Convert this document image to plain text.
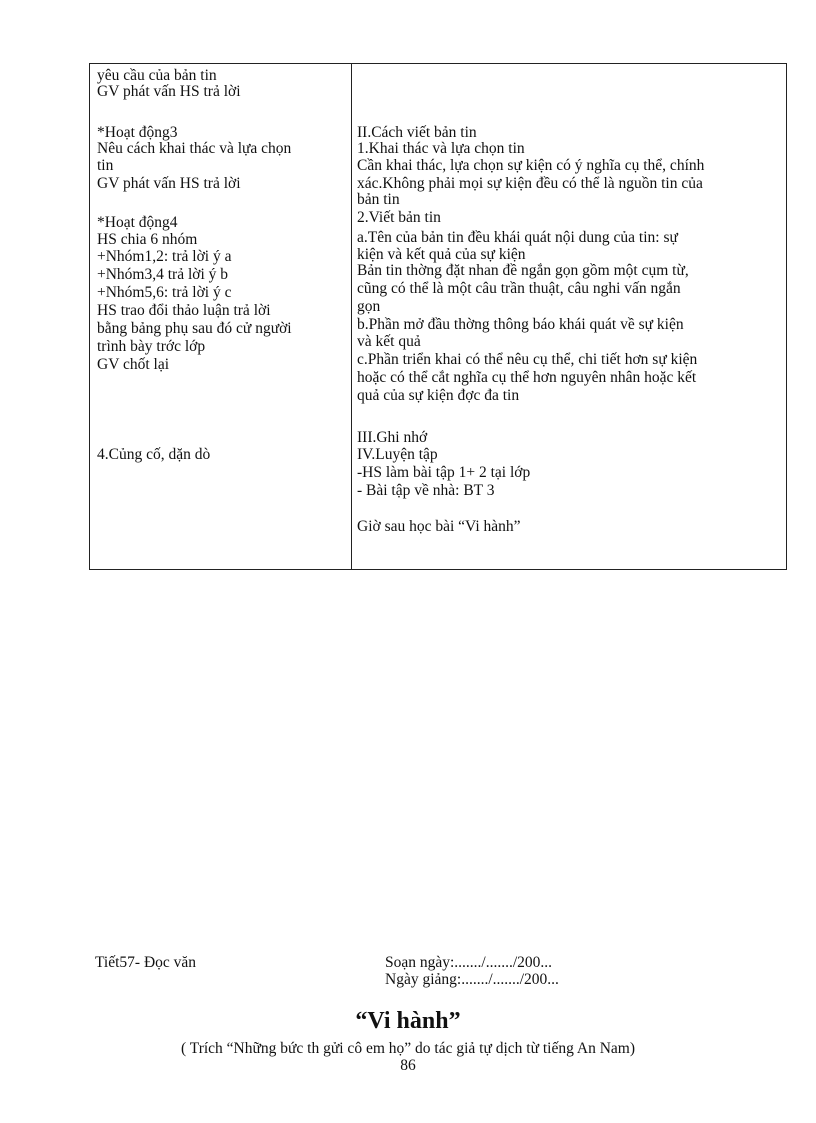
yêu cầu của bản tin
GV phát vấn HS trả lời
*Hoạt động3
Nêu cách khai thác và lựa chọn
tin
GV phát vấn HS trả lời
*Hoạt động4
HS chia 6 nhóm
+Nhóm1,2: trả lời ý a
+Nhóm3,4 trả lời ý b
+Nhóm5,6: trả lời ý c
HS trao đổi thảo luận trả lời
bằng bảng phụ sau đó cử người
trình bày trớc lớp
GV chốt lại
4.Củng cố, dặn dò
II.Cách viết bản tin
1.Khai thác và lựa chọn tin
Cần khai thác, lựa chọn sự kiện có ý nghĩa cụ thể, chính
xác.Không phải mọi sự kiện đều có thể là nguồn tin của
bản tin
2.Viết bản tin
a.Tên của bản tin đều khái quát nội dung của tin: sự
kiện và kết quả của sự kiện
Bản tin thờng đặt nhan đề ngắn gọn gồm một cụm từ,
cũng có thể là một câu trần thuật, câu nghi vấn ngắn
gọn
b.Phần mở đầu thờng thông báo khái quát về sự kiện
và kết quả
c.Phần triển khai có thể nêu cụ thể, chi tiết hơn sự kiện
hoặc có thể cắt nghĩa cụ thể hơn nguyên nhân hoặc kết
quả của sự kiện đợc đa tin
III.Ghi nhớ
IV.Luyện tập
-HS làm bài tập 1+ 2 tại lớp
- Bài tập về nhà: BT 3
Giờ sau học bài “Vi hành”
Tiết57- Đọc văn	Soạn ngày:......./......./200...
Ngày giảng:......./......./200...
“Vi hành”
( Trích “Những bức th gửi cô em họ” do tác giả tự dịch từ tiếng An Nam)
86
